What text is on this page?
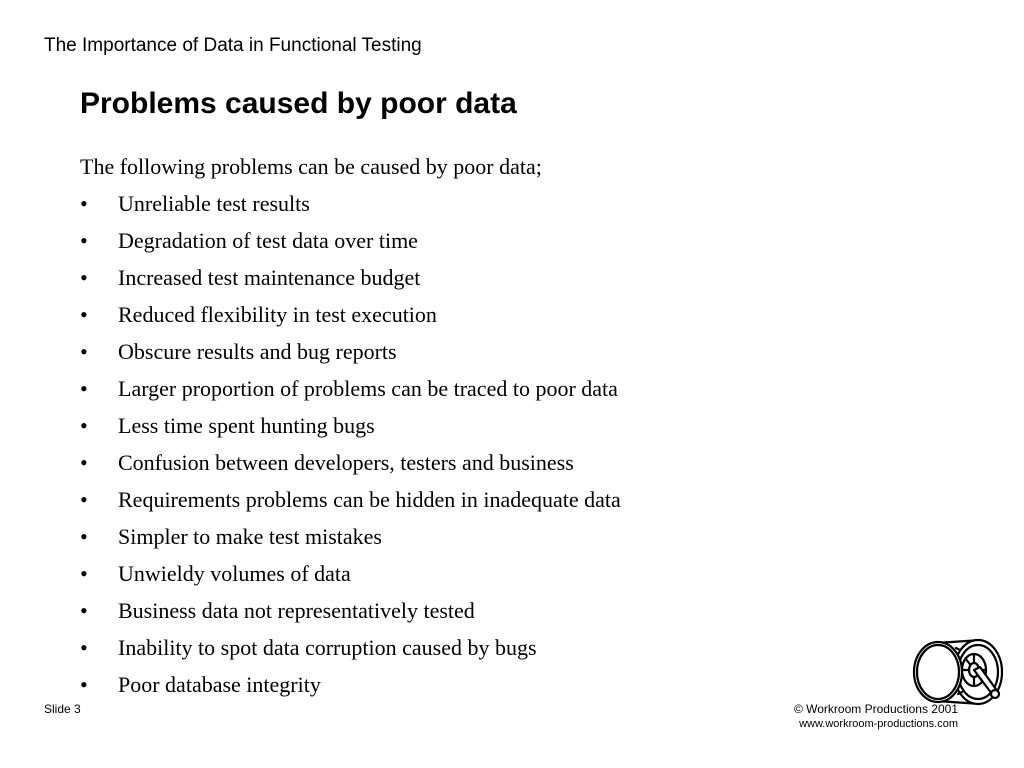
The Importance of Data in Functional Testing
Problems caused by poor data
The following problems can be caused by poor data;
• Unreliable test results
• Degradation of test data over time
• Increased test maintenance budget
• Reduced flexibility in test execution
• Obscure results and bug reports
• Larger proportion of problems can be traced to poor data
• Less time spent hunting bugs
• Confusion between developers, testers and business
• Requirements problems can be hidden in inadequate data
• Simpler to make test mistakes
• Unwieldy volumes of data
• Business data not representatively tested
• Inability to spot data corruption caused by bugs
• Poor database integrity
Slide 3	© Workroom Productions 2001
www.workroom-productions.com
